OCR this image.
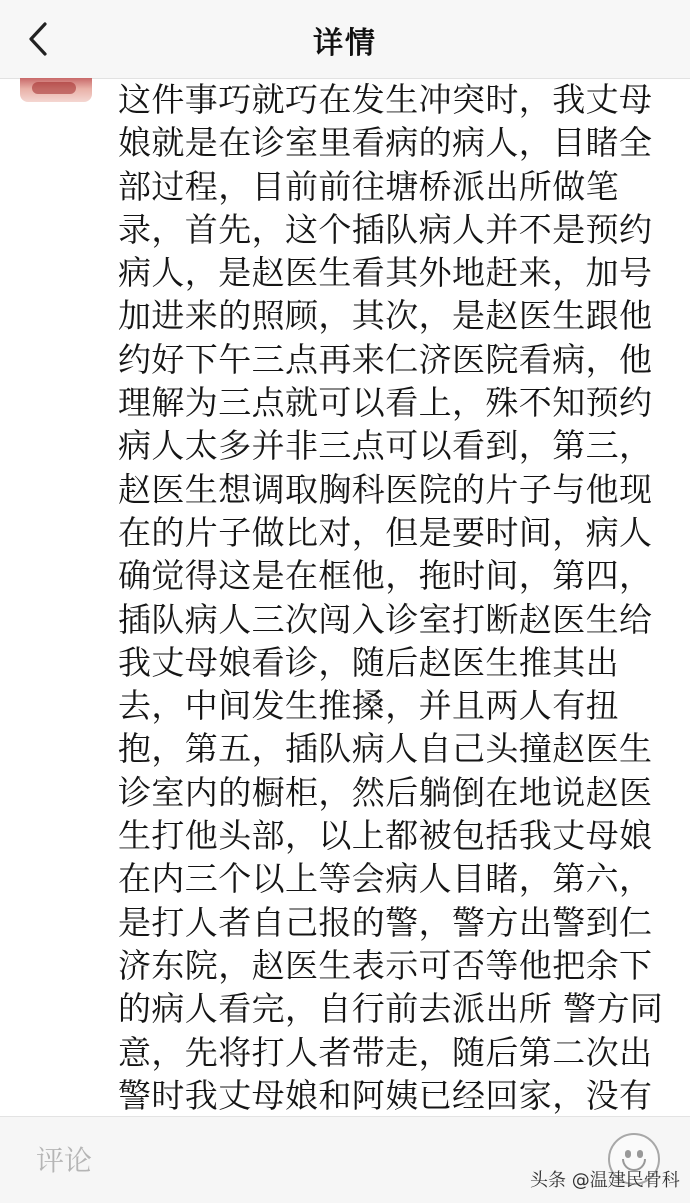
详情

这件事巧就巧在发生冲突时，我丈母娘就是在诊室里看病的病人，目睹全部过程，目前前往塘桥派出所做笔录，首先，这个插队病人并不是预约病人，是赵医生看其外地赶来，加号加进来的照顾，其次，是赵医生跟他约好下午三点再来仁济医院看病，他理解为三点就可以看上，殊不知预约病人太多并非三点可以看到，第三，赵医生想调取胸科医院的片子与他现在的片子做比对，但是要时间，病人确觉得这是在框他，拖时间，第四，插队病人三次闯入诊室打断赵医生给我丈母娘看诊，随后赵医生推其出去，中间发生推搡，并且两人有扭抱，第五，插队病人自己头撞赵医生诊室内的橱柜，然后躺倒在地说赵医生打他头部，以上都被包括我丈母娘在内三个以上等会病人目睹，第六，是打人者自己报的警，警方出警到仁济东院，赵医生表示可否等他把余下的病人看完，自行前去派出所 警方同意，先将打人者带走，随后第二次出警时我丈母娘和阿姨已经回家，没有

评论
头条 @温建民骨科
